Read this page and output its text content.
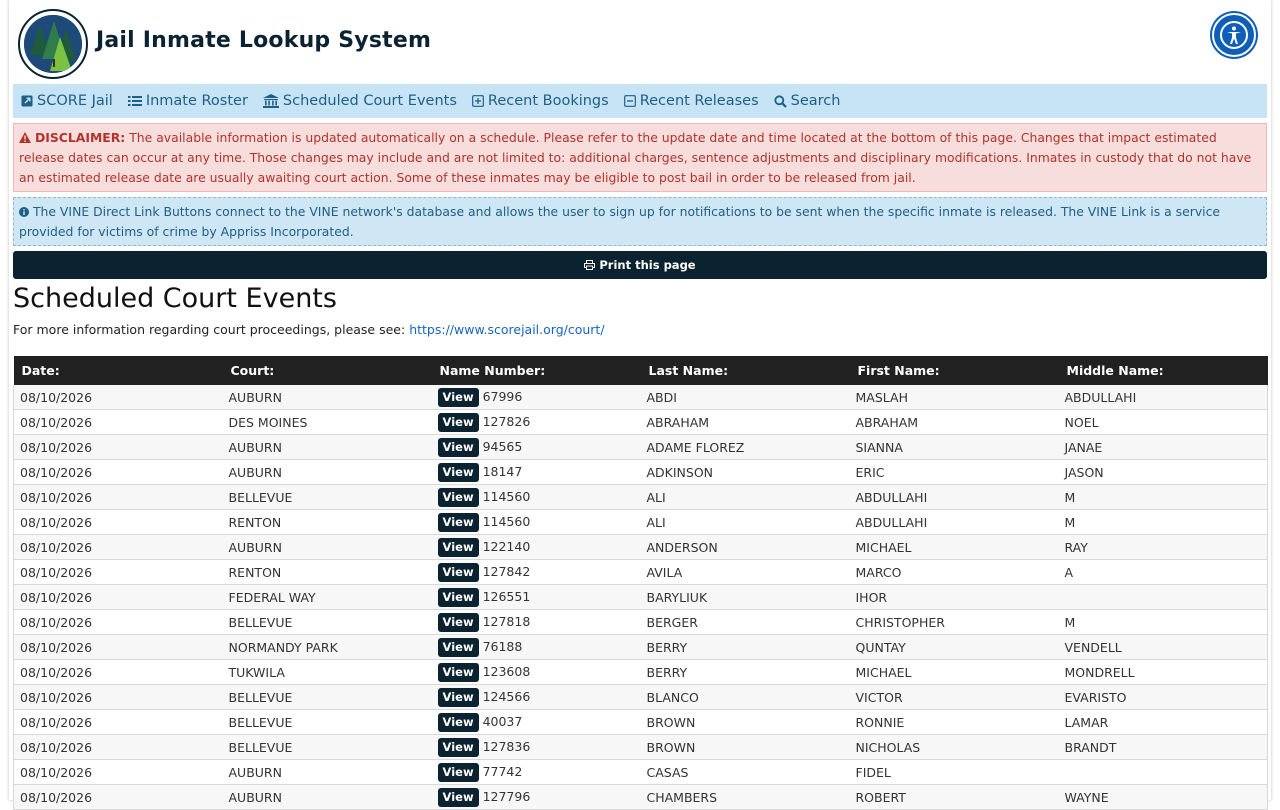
Jail Inmate Lookup System
SCORE Jail Inmate Roster Scheduled Court Events Recent Bookings Recent Releases Search
DISCLAIMER: The available information is updated automatically on a schedule. Please refer to the update date and time located at the bottom of this page. Changes that impact estimated release dates can occur at any time. Those changes may include and are not limited to: additional charges, sentence adjustments and disciplinary modifications. Inmates in custody that do not have an estimated release date are usually awaiting court action. Some of these inmates may be eligible to post bail in order to be released from jail.
The VINE Direct Link Buttons connect to the VINE network's database and allows the user to sign up for notifications to be sent when the specific inmate is released. The VINE Link is a service provided for victims of crime by Appriss Incorporated.
Print this page
Scheduled Court Events
For more information regarding court proceedings, please see: https://www.scorejail.org/court/
Date:	Court:	Name Number:	Last Name:	First Name:	Middle Name:
08/10/2026	AUBURN	View 67996	ABDI	MASLAH	ABDULLAHI
08/10/2026	DES MOINES	View 127826	ABRAHAM	ABRAHAM	NOEL
08/10/2026	AUBURN	View 94565	ADAME FLOREZ	SIANNA	JANAE
08/10/2026	AUBURN	View 18147	ADKINSON	ERIC	JASON
08/10/2026	BELLEVUE	View 114560	ALI	ABDULLAHI	M
08/10/2026	RENTON	View 114560	ALI	ABDULLAHI	M
08/10/2026	AUBURN	View 122140	ANDERSON	MICHAEL	RAY
08/10/2026	RENTON	View 127842	AVILA	MARCO	A
08/10/2026	FEDERAL WAY	View 126551	BARYLIUK	IHOR	
08/10/2026	BELLEVUE	View 127818	BERGER	CHRISTOPHER	M
08/10/2026	NORMANDY PARK	View 76188	BERRY	QUNTAY	VENDELL
08/10/2026	TUKWILA	View 123608	BERRY	MICHAEL	MONDRELL
08/10/2026	BELLEVUE	View 124566	BLANCO	VICTOR	EVARISTO
08/10/2026	BELLEVUE	View 40037	BROWN	RONNIE	LAMAR
08/10/2026	BELLEVUE	View 127836	BROWN	NICHOLAS	BRANDT
08/10/2026	AUBURN	View 77742	CASAS	FIDEL	
08/10/2026	AUBURN	View 127796	CHAMBERS	ROBERT	WAYNE
